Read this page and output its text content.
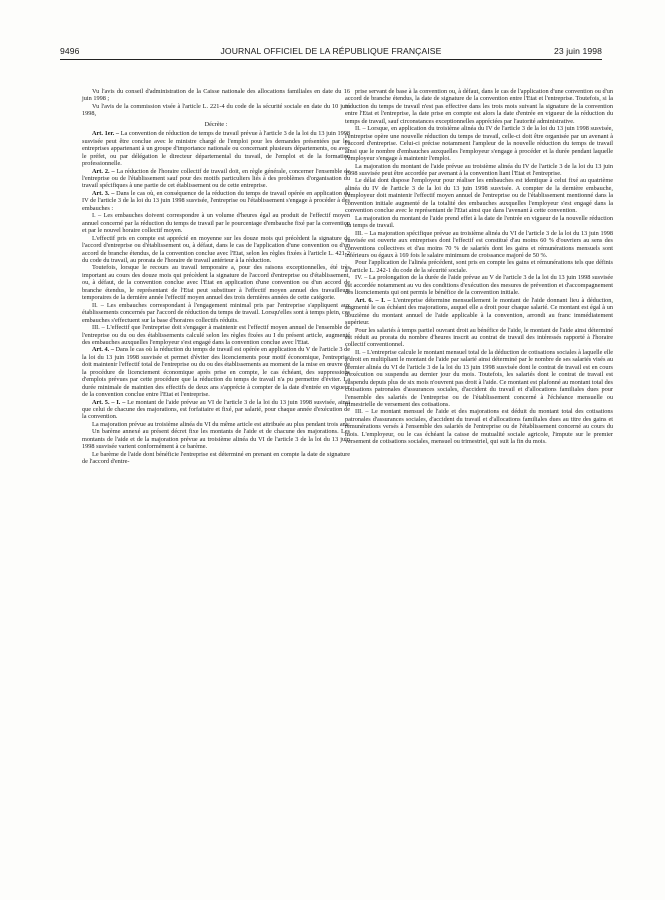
9496	JOURNAL OFFICIEL DE LA RÉPUBLIQUE FRANÇAISE	23 juin 1998

Vu l'avis du conseil d'administration de la Caisse nationale des allocations familiales en date du 16 juin 1998 ;

Vu l'avis de la commission visée à l'article L. 221-4 du code de la sécurité sociale en date du 10 juin 1998,

Décrète :

Art. 1er. – La convention de réduction de temps de travail prévue à l'article 3 de la loi du 13 juin 1998 susvisée peut être conclue avec le ministre chargé de l'emploi pour les demandes présentées par les entreprises appartenant à un groupe d'importance nationale ou concernant plusieurs départements, ou avec le préfet, ou par délégation le directeur départemental du travail, de l'emploi et de la formation professionnelle.

Art. 2. – La réduction de l'horaire collectif de travail doit, en règle générale, concerner l'ensemble de l'entreprise ou de l'établissement sauf pour des motifs particuliers liés à des problèmes d'organisation du travail spécifiques à une partie de cet établissement ou de cette entreprise.

Art. 3. – Dans le cas où, en conséquence de la réduction du temps de travail opérée en application du IV de l'article 3 de la loi du 13 juin 1998 susvisée, l'entreprise ou l'établissement s'engage à procéder à des embauches :

I. – Les embauches doivent correspondre à un volume d'heures égal au produit de l'effectif moyen annuel concerné par la réduction du temps de travail par le pourcentage d'embauche fixé par la convention et par le nouvel horaire collectif moyen.

L'effectif pris en compte est apprécié en moyenne sur les douze mois qui précèdent la signature de l'accord d'entreprise ou d'établissement ou, à défaut, dans le cas de l'application d'une convention ou d'un accord de branche étendus, de la convention conclue avec l'Etat, selon les règles fixées à l'article L. 421-2 du code du travail, au prorata de l'horaire de travail antérieur à la réduction.

Toutefois, lorsque le recours au travail temporaire a, pour des raisons exceptionnelles, été très important au cours des douze mois qui précèdent la signature de l'accord d'entreprise ou d'établissement, ou, à défaut, de la convention conclue avec l'Etat en application d'une convention ou d'un accord de branche étendus, le représentant de l'Etat peut substituer à l'effectif moyen annuel des travailleurs temporaires de la dernière année l'effectif moyen annuel des trois dernières années de cette catégorie.

II. – Les embauches correspondant à l'engagement minimal pris par l'entreprise s'appliquent aux établissements concernés par l'accord de réduction du temps de travail. Lorsqu'elles sont à temps plein, ces embauches s'effectuent sur la base d'horaires collectifs réduits.

III. – L'effectif que l'entreprise doit s'engager à maintenir est l'effectif moyen annuel de l'ensemble de l'entreprise ou du ou des établissements calculé selon les règles fixées au I du présent article, augmenté des embauches auxquelles l'employeur s'est engagé dans la convention conclue avec l'Etat.

Art. 4. – Dans le cas où la réduction du temps de travail est opérée en application du V de l'article 3 de la loi du 13 juin 1998 susvisée et permet d'éviter des licenciements pour motif économique, l'entreprise doit maintenir l'effectif total de l'entreprise ou du ou des établissements au moment de la mise en œuvre de la procédure de licenciement économique après prise en compte, le cas échéant, des suppressions d'emplois prévues par cette procédure que la réduction du temps de travail n'a pu permettre d'éviter. La durée minimale de maintien des effectifs de deux ans s'apprécie à compter de la date d'entrée en vigueur de la convention conclue entre l'Etat et l'entreprise.

Art. 5. – I. – Le montant de l'aide prévue au VI de l'article 3 de la loi du 13 juin 1998 susvisée, ainsi que celui de chacune des majorations, est forfaitaire et fixé, par salarié, pour chaque année d'exécution de la convention.

La majoration prévue au troisième alinéa du VI du même article est attribuée au plus pendant trois ans.

Un barème annexé au présent décret fixe les montants de l'aide et de chacune des majorations. Les montants de l'aide et de la majoration prévue au troisième alinéa du VI de l'article 3 de la loi du 13 juin 1998 susvisée varient conformément à ce barème.

Le barème de l'aide dont bénéficie l'entreprise est déterminé en prenant en compte la date de signature de l'accord d'entre-

prise servant de base à la convention ou, à défaut, dans le cas de l'application d'une convention ou d'un accord de branche étendus, la date de signature de la convention entre l'Etat et l'entreprise. Toutefois, si la réduction du temps de travail n'est pas effective dans les trois mois suivant la signature de la convention entre l'Etat et l'entreprise, la date prise en compte est alors la date d'entrée en vigueur de la réduction du temps de travail, sauf circonstances exceptionnelles appréciées par l'autorité administrative.

II. – Lorsque, en application du troisième alinéa du IV de l'article 3 de la loi du 13 juin 1998 susvisée, l'entreprise opère une nouvelle réduction du temps de travail, celle-ci doit être organisée par un avenant à l'accord d'entreprise. Celui-ci précise notamment l'ampleur de la nouvelle réduction du temps de travail ainsi que le nombre d'embauches auxquelles l'employeur s'engage à procéder et la durée pendant laquelle l'employeur s'engage à maintenir l'emploi.

La majoration du montant de l'aide prévue au troisième alinéa du IV de l'article 3 de la loi du 13 juin 1998 susvisée peut être accordée par avenant à la convention liant l'Etat et l'entreprise.

Le délai dont dispose l'employeur pour réaliser les embauches est identique à celui fixé au quatrième alinéa du IV de l'article 3 de la loi du 13 juin 1998 susvisée. A compter de la dernière embauche, l'employeur doit maintenir l'effectif moyen annuel de l'entreprise ou de l'établissement mentionné dans la convention initiale augmenté de la totalité des embauches auxquelles l'employeur s'est engagé dans la convention conclue avec le représentant de l'Etat ainsi que dans l'avenant à cette convention.

La majoration du montant de l'aide prend effet à la date de l'entrée en vigueur de la nouvelle réduction du temps de travail.

III. – La majoration spécifique prévue au troisième alinéa du VI de l'article 3 de la loi du 13 juin 1998 susvisée est ouverte aux entreprises dont l'effectif est constitué d'au moins 60 % d'ouvriers au sens des conventions collectives et d'au moins 70 % de salariés dont les gains et rémunérations mensuels sont inférieurs ou égaux à 169 fois le salaire minimum de croissance majoré de 50 %.

Pour l'application de l'alinéa précédent, sont pris en compte les gains et rémunérations tels que définis à l'article L. 242-1 du code de la sécurité sociale.

IV. – La prolongation de la durée de l'aide prévue au V de l'article 3 de la loi du 13 juin 1998 susvisée est accordée notamment au vu des conditions d'exécution des mesures de prévention et d'accompagnement des licenciements qui ont permis le bénéfice de la convention initiale.

Art. 6. – I. – L'entreprise détermine mensuellement le montant de l'aide donnant lieu à déduction, augmenté le cas échéant des majorations, auquel elle a droit pour chaque salarié. Ce montant est égal à un douzième du montant annuel de l'aide applicable à la convention, arrondi au franc immédiatement supérieur.

Pour les salariés à temps partiel ouvrant droit au bénéfice de l'aide, le montant de l'aide ainsi déterminé est réduit au prorata du nombre d'heures inscrit au contrat de travail des intéressés rapporté à l'horaire collectif conventionnel.

II. – L'entreprise calcule le montant mensuel total de la déduction de cotisations sociales à laquelle elle a droit en multipliant le montant de l'aide par salarié ainsi déterminé par le nombre de ses salariés visés au premier alinéa du VI de l'article 3 de la loi du 13 juin 1998 susvisée dont le contrat de travail est en cours d'exécution ou suspendu au dernier jour du mois. Toutefois, les salariés dont le contrat de travail est suspendu depuis plus de six mois n'ouvrent pas droit à l'aide. Ce montant est plafonné au montant total des cotisations patronales d'assurances sociales, d'accident du travail et d'allocations familiales dues pour l'ensemble des salariés de l'entreprise ou de l'établissement concerné à l'échéance mensuelle ou trimestrielle de versement des cotisations.

III. – Le montant mensuel de l'aide et des majorations est déduit du montant total des cotisations patronales d'assurances sociales, d'accident du travail et d'allocations familiales dues au titre des gains et rémunérations versés à l'ensemble des salariés de l'entreprise ou de l'établissement concerné au cours du mois. L'employeur, ou le cas échéant la caisse de mutualité sociale agricole, l'impute sur le premier versement de cotisations sociales, mensuel ou trimestriel, qui suit la fin du mois.
